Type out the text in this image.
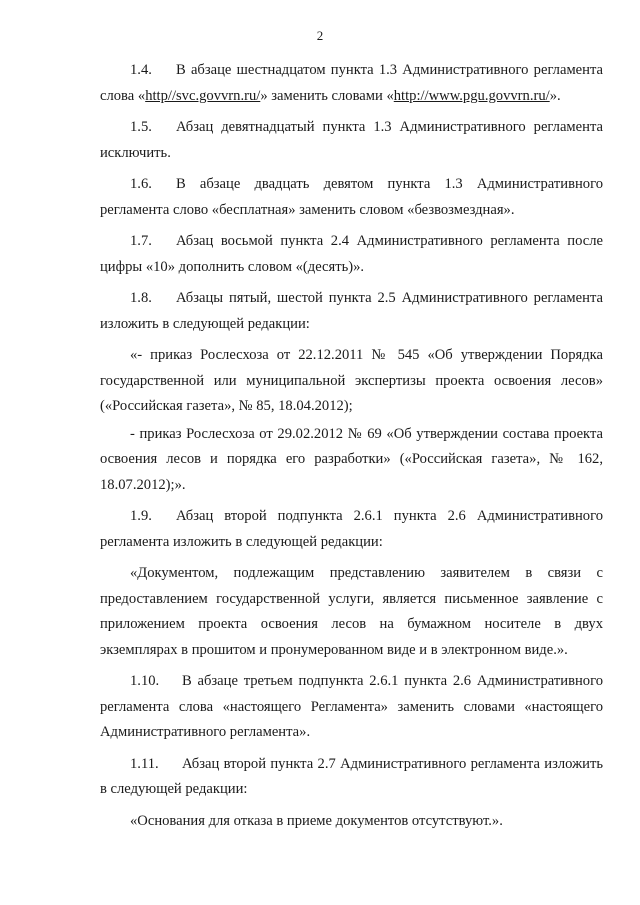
2

1.4. В абзаце шестнадцатом пункта 1.3 Административного регламента слова «http//svc.govvrn.ru/» заменить словами «http://www.pgu.govvrn.ru/».

1.5. Абзац девятнадцатый пункта 1.3 Административного регламента исключить.

1.6. В абзаце двадцать девятом пункта 1.3 Административного регламента слово «бесплатная» заменить словом «безвозмездная».

1.7. Абзац восьмой пункта 2.4 Административного регламента после цифры «10» дополнить словом «(десять)».

1.8. Абзацы пятый, шестой пункта 2.5 Административного регламента изложить в следующей редакции:

«- приказ Рослесхоза от 22.12.2011 № 545 «Об утверждении Порядка государственной или муниципальной экспертизы проекта освоения лесов» («Российская газета», № 85, 18.04.2012);

- приказ Рослесхоза от 29.02.2012 № 69 «Об утверждении состава проекта освоения лесов и порядка его разработки» («Российская газета», № 162, 18.07.2012);».

1.9. Абзац второй подпункта 2.6.1 пункта 2.6 Административного регламента изложить в следующей редакции:

«Документом, подлежащим представлению заявителем в связи с предоставлением государственной услуги, является письменное заявление с приложением проекта освоения лесов на бумажном носителе в двух экземплярах в прошитом и пронумерованном виде и в электронном виде.».

1.10. В абзаце третьем подпункта 2.6.1 пункта 2.6 Административного регламента слова «настоящего Регламента» заменить словами «настоящего Административного регламента».

1.11. Абзац второй пункта 2.7 Административного регламента изложить в следующей редакции:

«Основания для отказа в приеме документов отсутствуют.».
